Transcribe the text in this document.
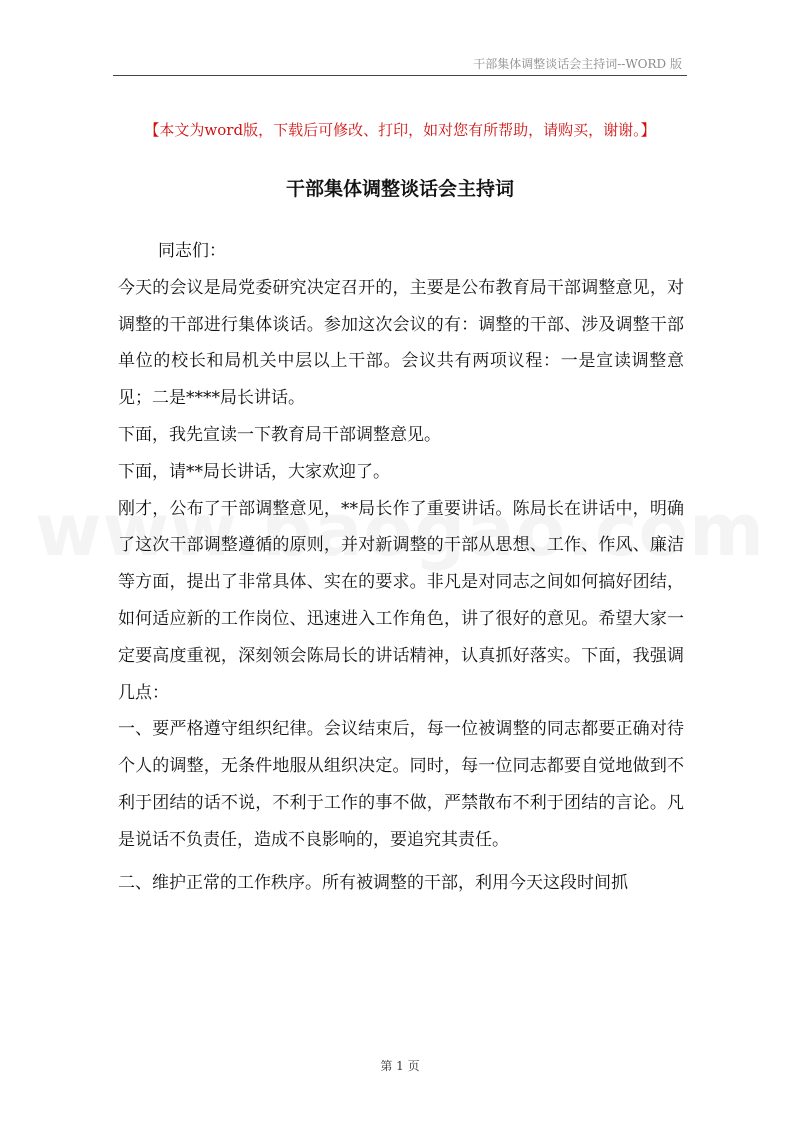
干部集体调整谈话会主持词--WORD 版
【本文为word版，下载后可修改、打印，如对您有所帮助，请购买，谢谢。】
干部集体调整谈话会主持词

同志们：

今天的会议是局党委研究决定召开的，主要是公布教育局干部调整意见，对调整的干部进行集体谈话。参加这次会议的有：调整的干部、涉及调整干部单位的校长和局机关中层以上干部。会议共有两项议程：一是宣读调整意见；二是****局长讲话。

下面，我先宣读一下教育局干部调整意见。

下面，请**局长讲话，大家欢迎了。

刚才，公布了干部调整意见，**局长作了重要讲话。陈局长在讲话中，明确了这次干部调整遵循的原则，并对新调整的干部从思想、工作、作风、廉洁等方面，提出了非常具体、实在的要求。非凡是对同志之间如何搞好团结，如何适应新的工作岗位、迅速进入工作角色，讲了很好的意见。希望大家一定要高度重视，深刻领会陈局长的讲话精神，认真抓好落实。下面，我强调几点：

一、要严格遵守组织纪律。会议结束后，每一位被调整的同志都要正确对待个人的调整，无条件地服从组织决定。同时，每一位同志都要自觉地做到不利于团结的话不说，不利于工作的事不做，严禁散布不利于团结的言论。凡是说话不负责任，造成不良影响的，要追究其责任。

二、维护正常的工作秩序。所有被调整的干部，利用今天这段时间抓

第 1 页
